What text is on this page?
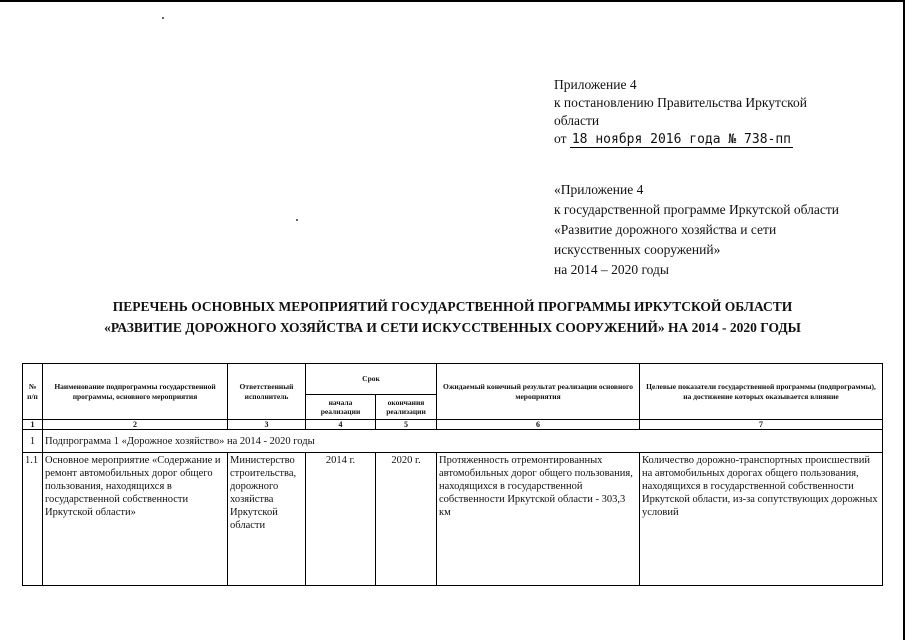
Приложение 4
к постановлению Правительства Иркутской
области
от 18 ноября 2016 года № 738-пп
«Приложение 4
к государственной программе Иркутской области
«Развитие дорожного хозяйства и сети
искусственных сооружений»
на 2014 – 2020 годы
ПЕРЕЧЕНЬ ОСНОВНЫХ МЕРОПРИЯТИЙ ГОСУДАРСТВЕННОЙ ПРОГРАММЫ ИРКУТСКОЙ ОБЛАСТИ
«РАЗВИТИЕ ДОРОЖНОГО ХОЗЯЙСТВА И СЕТИ ИСКУССТВЕННЫХ СООРУЖЕНИЙ» НА 2014 - 2020 ГОДЫ
№ п/п	Наименование подпрограммы государственной программы, основного мероприятия	Ответственный исполнитель	Срок		Ожидаемый конечный результат реализации основного мероприятия	Целевые показатели государственной программы (подпрограммы), на достижение которых оказывается влияние
			начала реализации	окончания реализации		
1	2	3	4	5	6	7
1	Подпрограмма 1 «Дорожное хозяйство» на 2014 - 2020 годы					
1.1	Основное мероприятие «Содержание и ремонт автомобильных дорог общего пользования, находящихся в государственной собственности Иркутской области»	Министерство строительства, дорожного хозяйства Иркутской области	2014 г.	2020 г.	Протяженность отремонтированных автомобильных дорог общего пользования, находящихся в государственной собственности Иркутской области - 303,3 км	Количество дорожно-транспортных происшествий на автомобильных дорогах общего пользования, находящихся в государственной собственности Иркутской области, из-за сопутствующих дорожных условий
